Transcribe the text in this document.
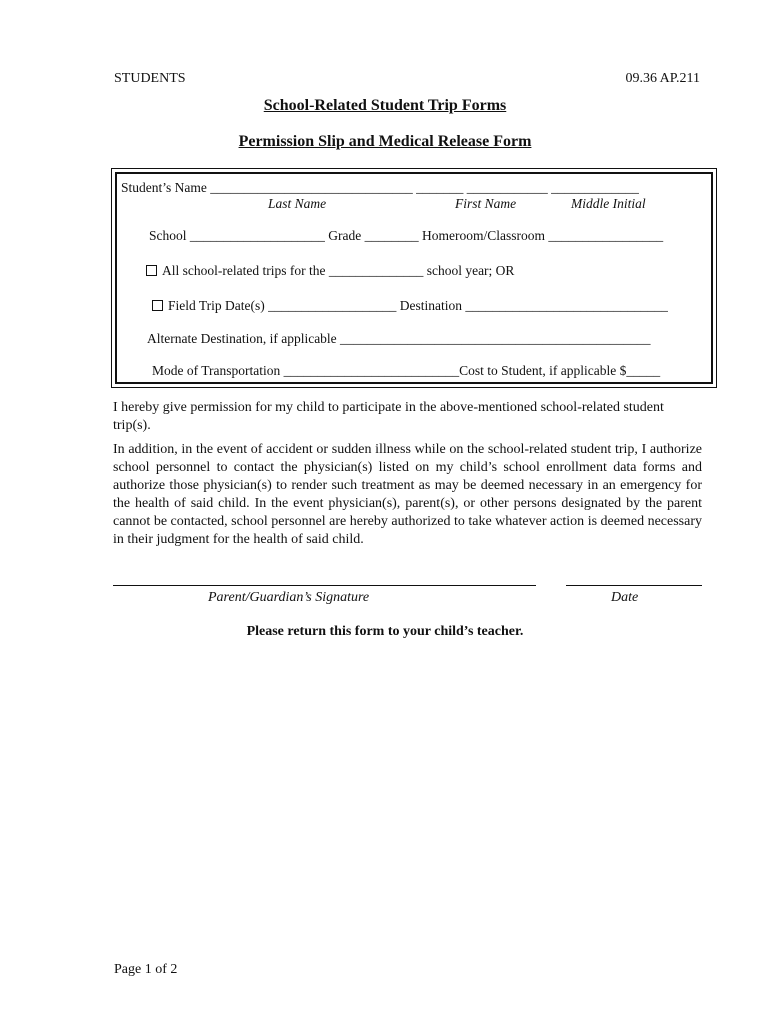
STUDENTS	09.36 AP.211
School-Related Student Trip Forms
Permission Slip and Medical Release Form
Student’s Name ______________________________ _______ ____________ _____________
Last Name	First Name	Middle Initial
School ____________________ Grade ________ Homeroom/Classroom _________________
All school-related trips for the ______________ school year; OR
Field Trip Date(s) ___________________ Destination ______________________________
Alternate Destination, if applicable ______________________________________________
Mode of Transportation __________________________Cost to Student, if applicable $_____
I hereby give permission for my child to participate in the above-mentioned school-related student trip(s).
In addition, in the event of accident or sudden illness while on the school-related student trip, I authorize school personnel to contact the physician(s) listed on my child’s school enrollment data forms and authorize those physician(s) to render such treatment as may be deemed necessary in an emergency for the health of said child. In the event physician(s), parent(s), or other persons designated by the parent cannot be contacted, school personnel are hereby authorized to take whatever action is deemed necessary in their judgment for the health of said child.
Parent/Guardian’s Signature	Date
Please return this form to your child’s teacher.
Page 1 of 2
